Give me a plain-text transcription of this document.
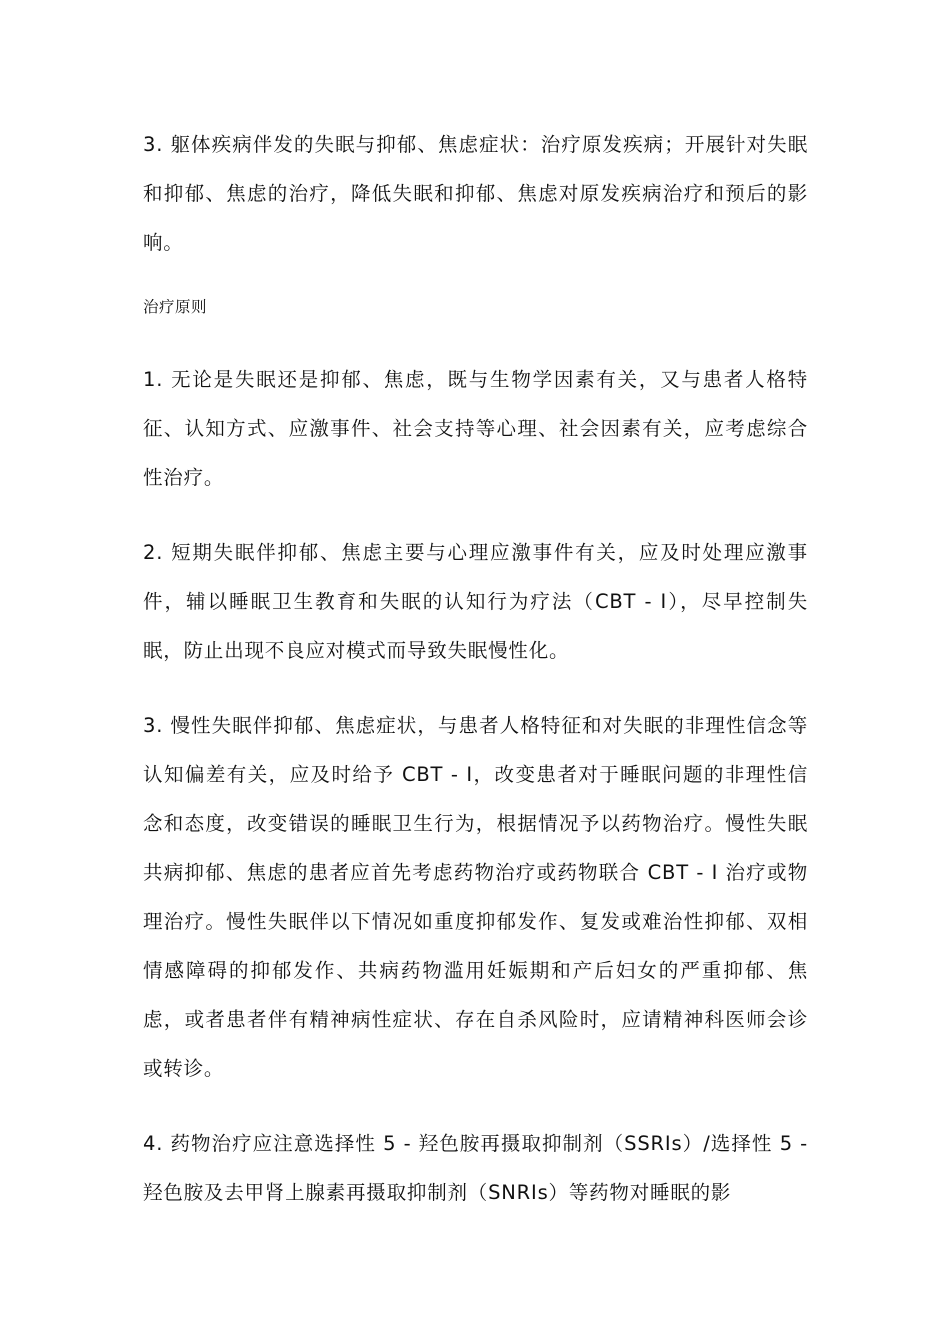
3. 躯体疾病伴发的失眠与抑郁、焦虑症状：治疗原发疾病；开展针对失眠和抑郁、焦虑的治疗，降低失眠和抑郁、焦虑对原发疾病治疗和预后的影响。

治疗原则

1. 无论是失眠还是抑郁、焦虑，既与生物学因素有关，又与患者人格特征、认知方式、应激事件、社会支持等心理、社会因素有关，应考虑综合性治疗。

2. 短期失眠伴抑郁、焦虑主要与心理应激事件有关，应及时处理应激事件，辅以睡眠卫生教育和失眠的认知行为疗法（CBT - I），尽早控制失眠，防止出现不良应对模式而导致失眠慢性化。

3. 慢性失眠伴抑郁、焦虑症状，与患者人格特征和对失眠的非理性信念等认知偏差有关，应及时给予 CBT - I，改变患者对于睡眠问题的非理性信念和态度，改变错误的睡眠卫生行为，根据情况予以药物治疗。慢性失眠共病抑郁、焦虑的患者应首先考虑药物治疗或药物联合 CBT - I 治疗或物理治疗。慢性失眠伴以下情况如重度抑郁发作、复发或难治性抑郁、双相情感障碍的抑郁发作、共病药物滥用妊娠期和产后妇女的严重抑郁、焦虑，或者患者伴有精神病性症状、存在自杀风险时，应请精神科医师会诊或转诊。

4. 药物治疗应注意选择性 5 - 羟色胺再摄取抑制剂（SSRIs）/选择性 5 - 羟色胺及去甲肾上腺素再摄取抑制剂（SNRIs）等药物对睡眠的影
